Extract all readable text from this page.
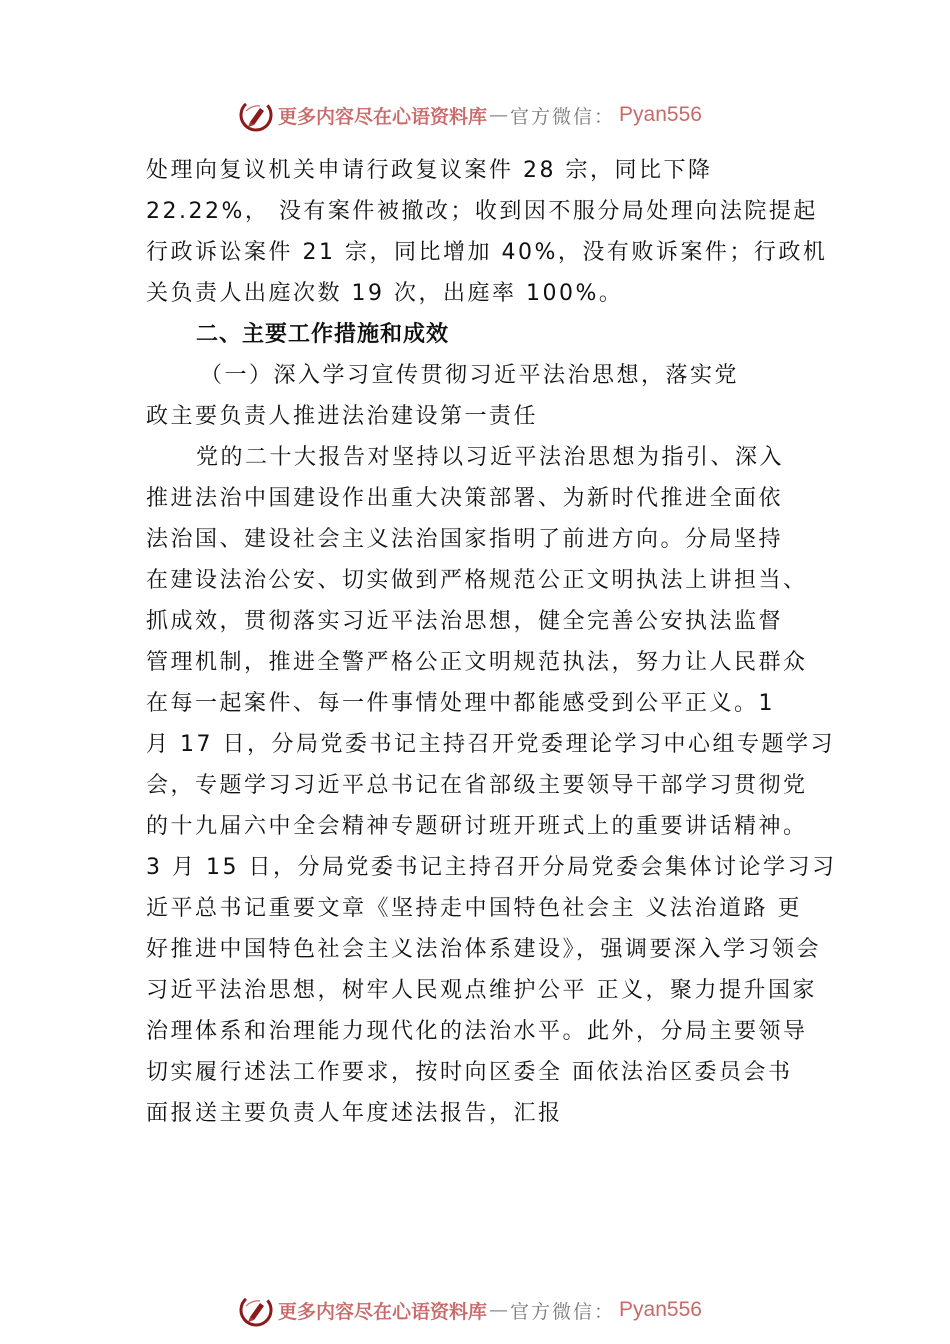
更多内容尽在心语资料库 — 官方微信： Pyan556
处理向复议机关申请行政复议案件 28 宗，同比下降
22.22%， 没有案件被撤改；收到因不服分局处理向法院提起
行政诉讼案件 21 宗，同比增加 40%，没有败诉案件；行政机
关负责人出庭次数 19 次，出庭率 100%。
二、主要工作措施和成效
（一）深入学习宣传贯彻习近平法治思想，落实党
政主要负责人推进法治建设第一责任
党的二十大报告对坚持以习近平法治思想为指引、深入
推进法治中国建设作出重大决策部署、为新时代推进全面依
法治国、建设社会主义法治国家指明了前进方向。分局坚持
在建设法治公安、切实做到严格规范公正文明执法上讲担当、
抓成效，贯彻落实习近平法治思想，健全完善公安执法监督
管理机制，推进全警严格公正文明规范执法，努力让人民群众
在每一起案件、每一件事情处理中都能感受到公平正义。1
月 17 日，分局党委书记主持召开党委理论学习中心组专题学习
会，专题学习习近平总书记在省部级主要领导干部学习贯彻党
的十九届六中全会精神专题研讨班开班式上的重要讲话精神。
3 月 15 日，分局党委书记主持召开分局党委会集体讨论学习习
近平总书记重要文章《坚持走中国特色社会主 义法治道路 更
好推进中国特色社会主义法治体系建设》，强调要深入学习领会
习近平法治思想，树牢人民观点维护公平 正义，聚力提升国家
治理体系和治理能力现代化的法治水平。此外，分局主要领导
切实履行述法工作要求，按时向区委全 面依法治区委员会书
面报送主要负责人年度述法报告，汇报
更多内容尽在心语资料库 — 官方微信： Pyan556
